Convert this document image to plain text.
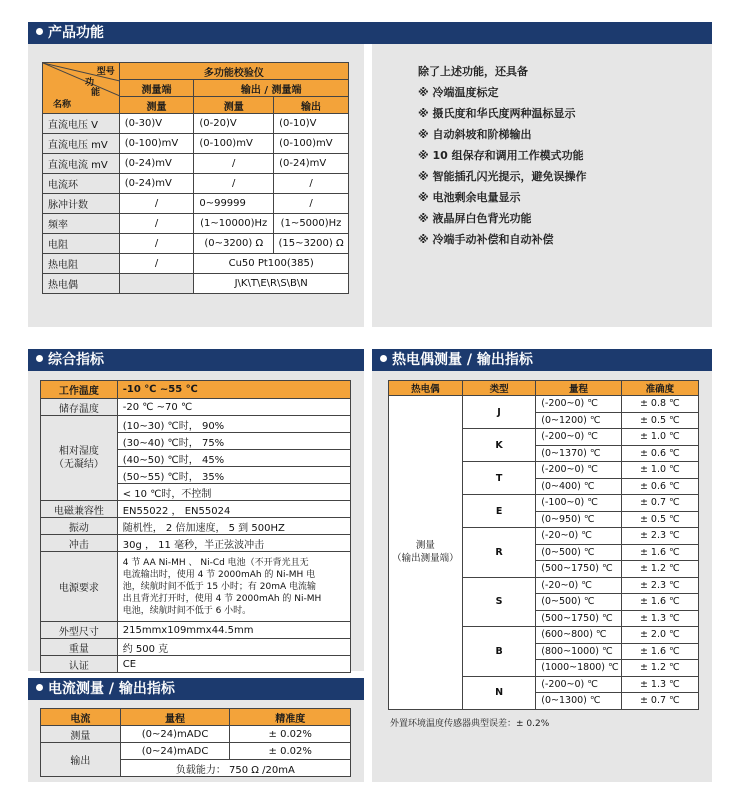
产品功能
型号
功
能
名称	多功能校验仪		
	测量端	输出 / 测量端	
	测量	测量	输出
直流电压 V	(0-30)V	(0-20)V	(0-10)V
直流电压 mV	(0-100)mV	(0-100)mV	(0-100)mV
直流电流 mV	(0-24)mV	/	(0-24)mV
电流环	(0-24)mV	/	/
脉冲计数	/	0~99999	/
频率	/	(1~10000)Hz	(1~5000)Hz
电阻	/	(0~3200) Ω	(15~3200) Ω
热电阻	/	Cu50 Pt100(385)	
热电偶		J\K\T\E\R\S\B\N	
除了上述功能，还具备
※ 冷端温度标定
※ 摄氏度和华氏度两种温标显示
※ 自动斜坡和阶梯输出
※ 10 组保存和调用工作模式功能
※ 智能插孔闪光提示，避免误操作
※ 电池剩余电量显示
※ 液晶屏白色背光功能
※ 冷端手动补偿和自动补偿
综合指标
工作温度	-10 ℃ ~55 ℃
储存温度	-20 ℃ ~70 ℃

相对湿度
（无凝结）	(10~30) ℃时， 90%
	(30~40) ℃时， 75%
	(40~50) ℃时， 45%
	(50~55) ℃时， 35%
	< 10 ℃时，不控制
电磁兼容性	EN55022 ， EN55024
振动	随机性， 2 倍加速度， 5 到 500HZ
冲击	30g ， 11 毫秒，半正弦波冲击
电源要求	4 节 AA Ni-MH 、 Ni-Cd 电池（不开背光且无
电流输出时，使用 4 节 2000mAh 的 Ni-MH 电
池，续航时间不低于 15 小时；有 20mA 电流输
出且背光打开时，使用 4 节 2000mAh 的 Ni-MH
电池，续航时间不低于 6 小时。

外型尺寸	215mmx109mmx44.5mm
重量	约 500 克
认证	CE
电流测量 / 输出指标
电流	量程	精准度
测量	(0~24)mADC	± 0.02%
输出	(0~24)mADC	± 0.02%
	负载能力： 750 Ω /20mA	
热电偶测量 / 输出指标
热电偶	类型	量程	准确度

测量
（输出测量端）	J	(-200~0) ℃	± 0.8 ℃
		(0~1200) ℃	± 0.5 ℃
	K	(-200~0) ℃	± 1.0 ℃
		(0~1370) ℃	± 0.6 ℃
	T	(-200~0) ℃	± 1.0 ℃
		(0~400) ℃	± 0.6 ℃
	E	(-100~0) ℃	± 0.7 ℃
		(0~950) ℃	± 0.5 ℃
	R	(-20~0) ℃	± 2.3 ℃
		(0~500) ℃	± 1.6 ℃
		(500~1750) ℃	± 1.2 ℃
	S	(-20~0) ℃	± 2.3 ℃
		(0~500) ℃	± 1.6 ℃
		(500~1750) ℃	± 1.3 ℃
	B	(600~800) ℃	± 2.0 ℃
		(800~1000) ℃	± 1.6 ℃
		(1000~1800) ℃	± 1.2 ℃
	N	(-200~0) ℃	± 1.3 ℃
		(0~1300) ℃	± 0.7 ℃
外置环境温度传感器典型误差：± 0.2%
